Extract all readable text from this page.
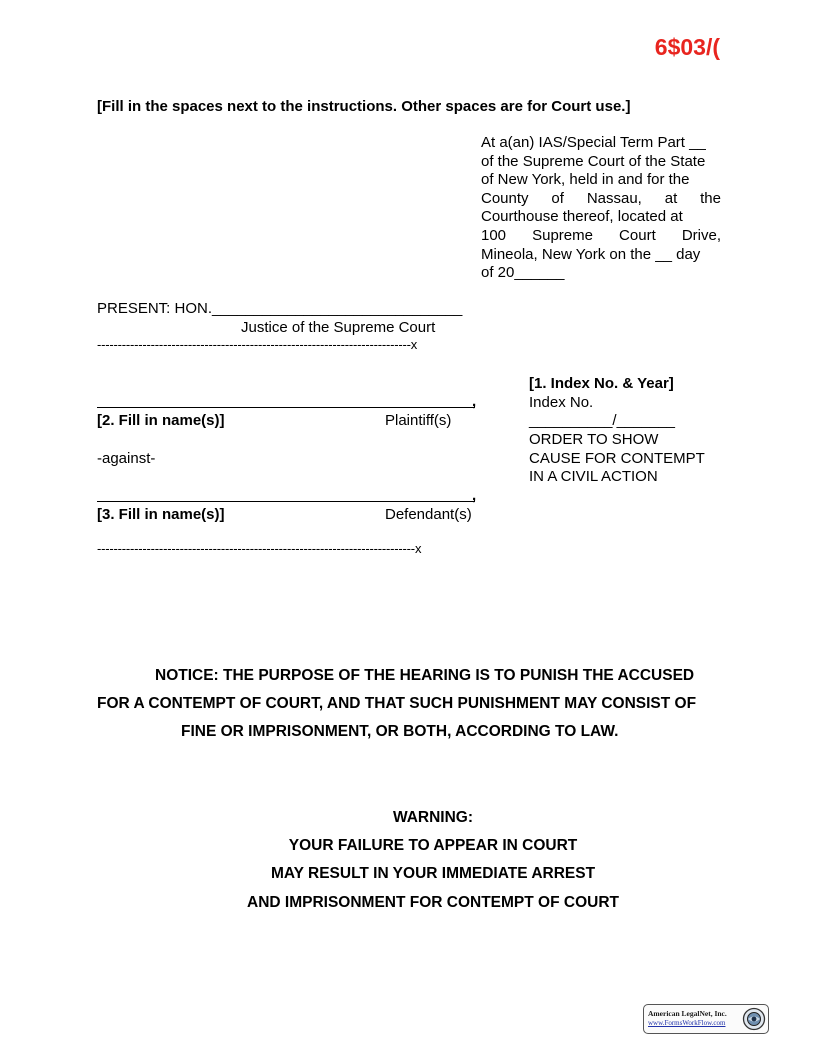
6$03/(
[Fill in the spaces next to the instructions. Other spaces are for Court use.]
At a(an) IAS/Special Term Part __
of the Supreme Court of the State
of New York, held in and for the
County of Nassau, at the
Courthouse thereof, located at
100 Supreme Court Drive,
Mineola, New York on the __ day
of 20______
PRESENT: HON.______________________________
Justice of the Supreme Court
----------------------------------------------------------------------------x
[1. Index No. & Year]
Index No.
__________/_______
ORDER TO SHOW
CAUSE FOR CONTEMPT
IN A CIVIL ACTION
,
[2. Fill in name(s)]	Plaintiff(s)
-against-
,
[3. Fill in name(s)]	Defendant(s)
-----------------------------------------------------------------------------x
NOTICE: THE PURPOSE OF THE HEARING IS TO PUNISH THE ACCUSED
FOR A CONTEMPT OF COURT, AND THAT SUCH PUNISHMENT MAY CONSIST OF
FINE OR IMPRISONMENT, OR BOTH, ACCORDING TO LAW.
WARNING:
YOUR FAILURE TO APPEAR IN COURT
MAY RESULT IN YOUR IMMEDIATE ARREST
AND IMPRISONMENT FOR CONTEMPT OF COURT
American LegalNet, Inc.
www.FormsWorkFlow.com
